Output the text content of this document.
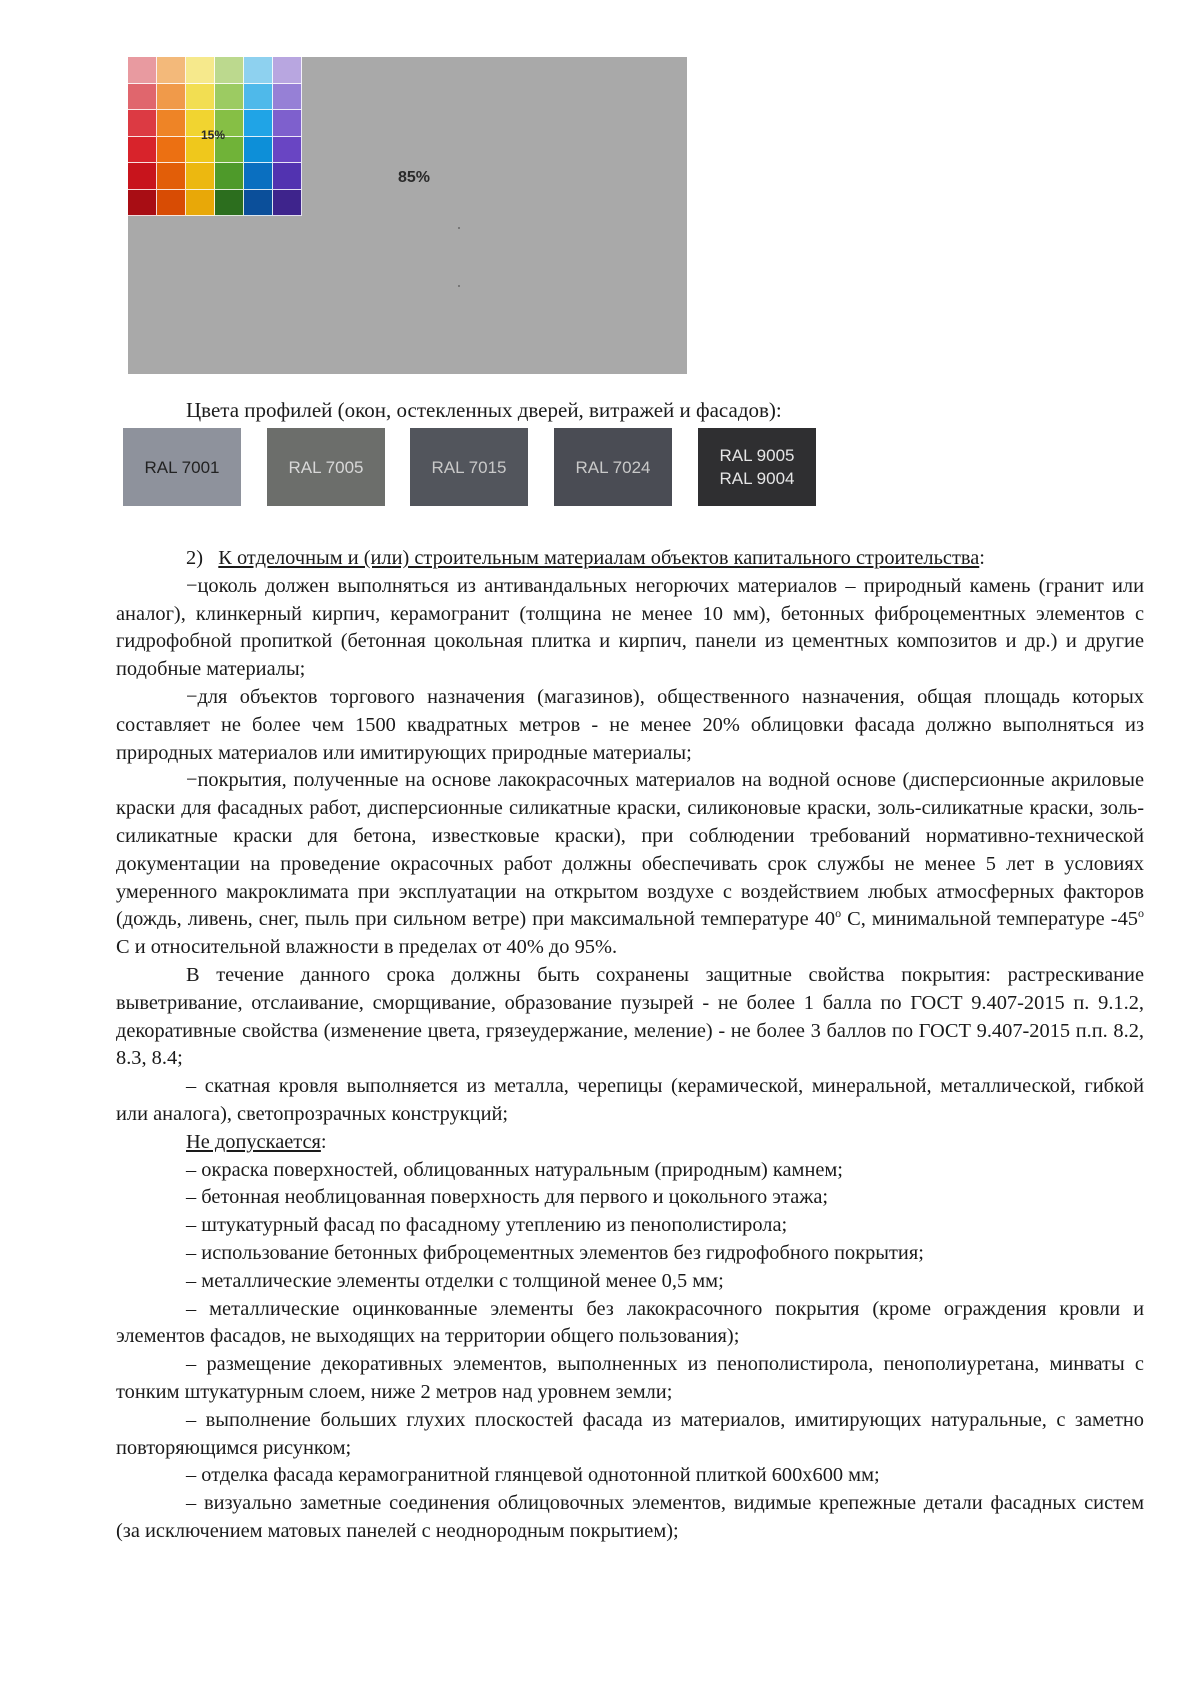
15%
85%
Цвета профилей (окон, остекленных дверей, витражей и фасадов):
RAL 7001	RAL 7005	RAL 7015	RAL 7024
RAL 9005
RAL 9004

2) К отделочным и (или) строительным материалам объектов капитального строительства:

−цоколь должен выполняться из антивандальных негорючих материалов – природный камень (гранит или аналог), клинкерный кирпич, керамогранит (толщина не менее 10 мм), бетонных фиброцементных элементов с гидрофобной пропиткой (бетонная цокольная плитка и кирпич, панели из цементных композитов и др.) и другие подобные материалы;

−для объектов торгового назначения (магазинов), общественного назначения, общая площадь которых составляет не более чем 1500 квадратных метров - не менее 20% облицовки фасада должно выполняться из природных материалов или имитирующих природные материалы;

−покрытия, полученные на основе лакокрасочных материалов на водной основе (дисперсионные акриловые краски для фасадных работ, дисперсионные силикатные краски, силиконовые краски, золь-силикатные краски, золь-силикатные краски для бетона, известковые краски), при соблюдении требований нормативно-технической документации на проведение окрасочных работ должны обеспечивать срок службы не менее 5 лет в условиях умеренного макроклимата при эксплуатации на открытом воздухе с воздействием любых атмосферных факторов (дождь, ливень, снег, пыль при сильном ветре) при максимальной температуре $40^о$ С, минимальной температуре $-45^о$ С и относительной влажности в пределах от 40% до 95%.

В течение данного срока должны быть сохранены защитные свойства покрытия: растрескивание выветривание, отслаивание, сморщивание, образование пузырей - не более 1 балла по ГОСТ 9.407-2015 п. 9.1.2, декоративные свойства (изменение цвета, грязеудержание, меление) - не более 3 баллов по ГОСТ 9.407-2015 п.п. 8.2, 8.3, 8.4;

– скатная кровля выполняется из металла, черепицы (керамической, минеральной, металлической, гибкой или аналога), светопрозрачных конструкций;

Не допускается:

– окраска поверхностей, облицованных натуральным (природным) камнем;

– бетонная необлицованная поверхность для первого и цокольного этажа;

– штукатурный фасад по фасадному утеплению из пенополистирола;

– использование бетонных фиброцементных элементов без гидрофобного покрытия;

– металлические элементы отделки с толщиной менее 0,5 мм;

– металлические оцинкованные элементы без лакокрасочного покрытия (кроме ограждения кровли и элементов фасадов, не выходящих на территории общего пользования);

– размещение декоративных элементов, выполненных из пенополистирола, пенополиуретана, минваты с тонким штукатурным слоем, ниже 2 метров над уровнем земли;

– выполнение больших глухих плоскостей фасада из материалов, имитирующих натуральные, с заметно повторяющимся рисунком;

– отделка фасада керамогранитной глянцевой однотонной плиткой 600х600 мм;

– визуально заметные соединения облицовочных элементов, видимые крепежные детали фасадных систем (за исключением матовых панелей с неоднородным покрытием);
